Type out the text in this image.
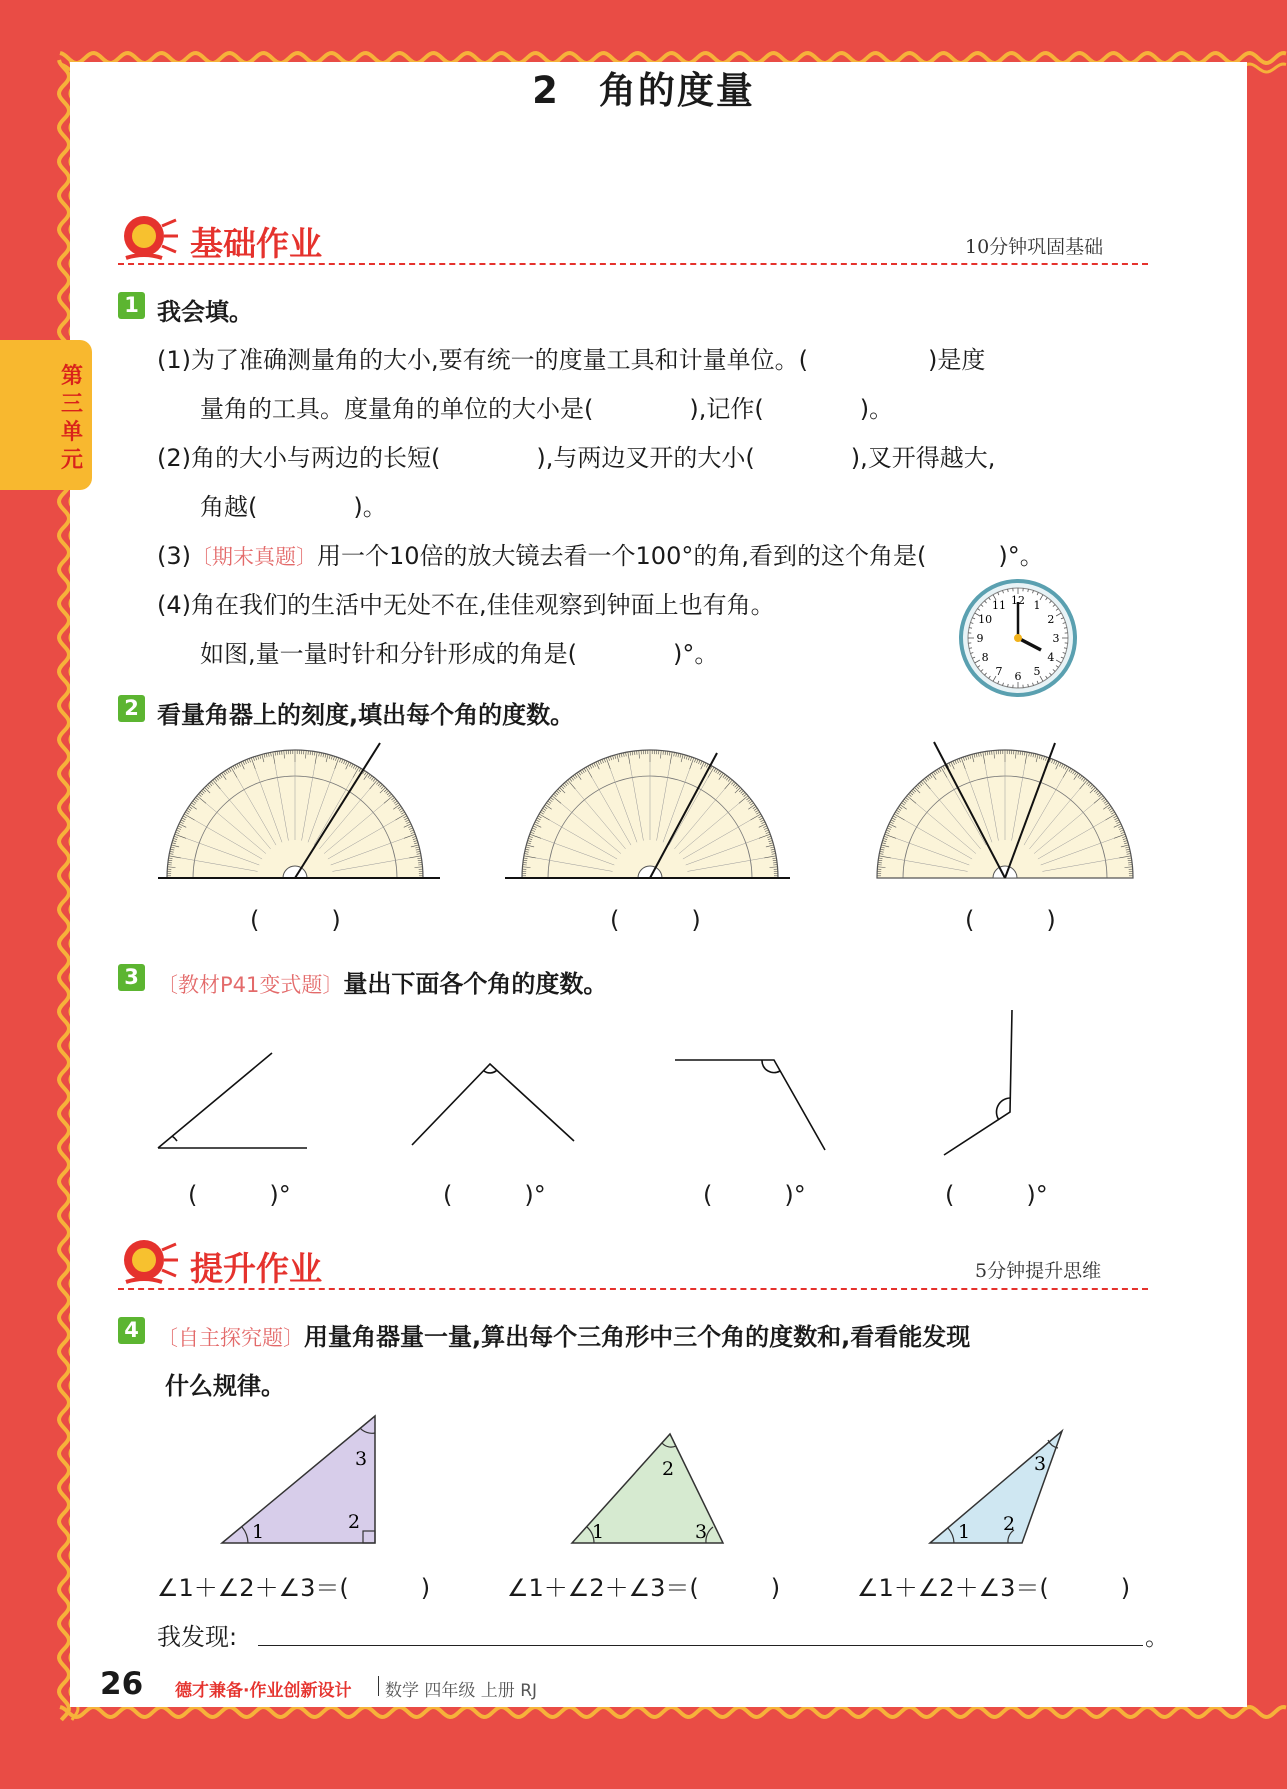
第三单元
2　角的度量
基础作业	10分钟巩固基础
1 我会填。
(1)为了准确测量角的大小,要有统一的度量工具和计量单位。(　　　　　)是度
量角的工具。度量角的单位的大小是(　　　　),记作(　　　　)。
(2)角的大小与两边的长短(　　　　),与两边叉开的大小(　　　　),叉开得越大,
角越(　　　　)。
(3)〔期末真题〕用一个10倍的放大镜去看一个100°的角,看到的这个角是(　　　)°。
(4)角在我们的生活中无处不在,佳佳观察到钟面上也有角。
如图,量一量时针和分针形成的角是(　　　　)°。
12 1
2
3
4
5
6
7
8
9
10
11
2 看量角器上的刻度,填出每个角的度数。
(　　　)	(　　　)	(　　　)
3 〔教材P41变式题〕量出下面各个角的度数。
(　　　)°	(　　　)°	(　　　)°	(　　　)°
提升作业	5分钟提升思维
4 〔自主探究题〕用量角器量一量,算出每个三角形中三个角的度数和,看看能发现
什么规律。
1	2
3
1
2
3	1 2
3
∠1＋∠2＋∠3＝(　　　)	∠1＋∠2＋∠3＝(　　　)	∠1＋∠2＋∠3＝(　　　)
我发现:	。
26 德才兼备·作业创新设计 数学 四年级 上册 RJ
